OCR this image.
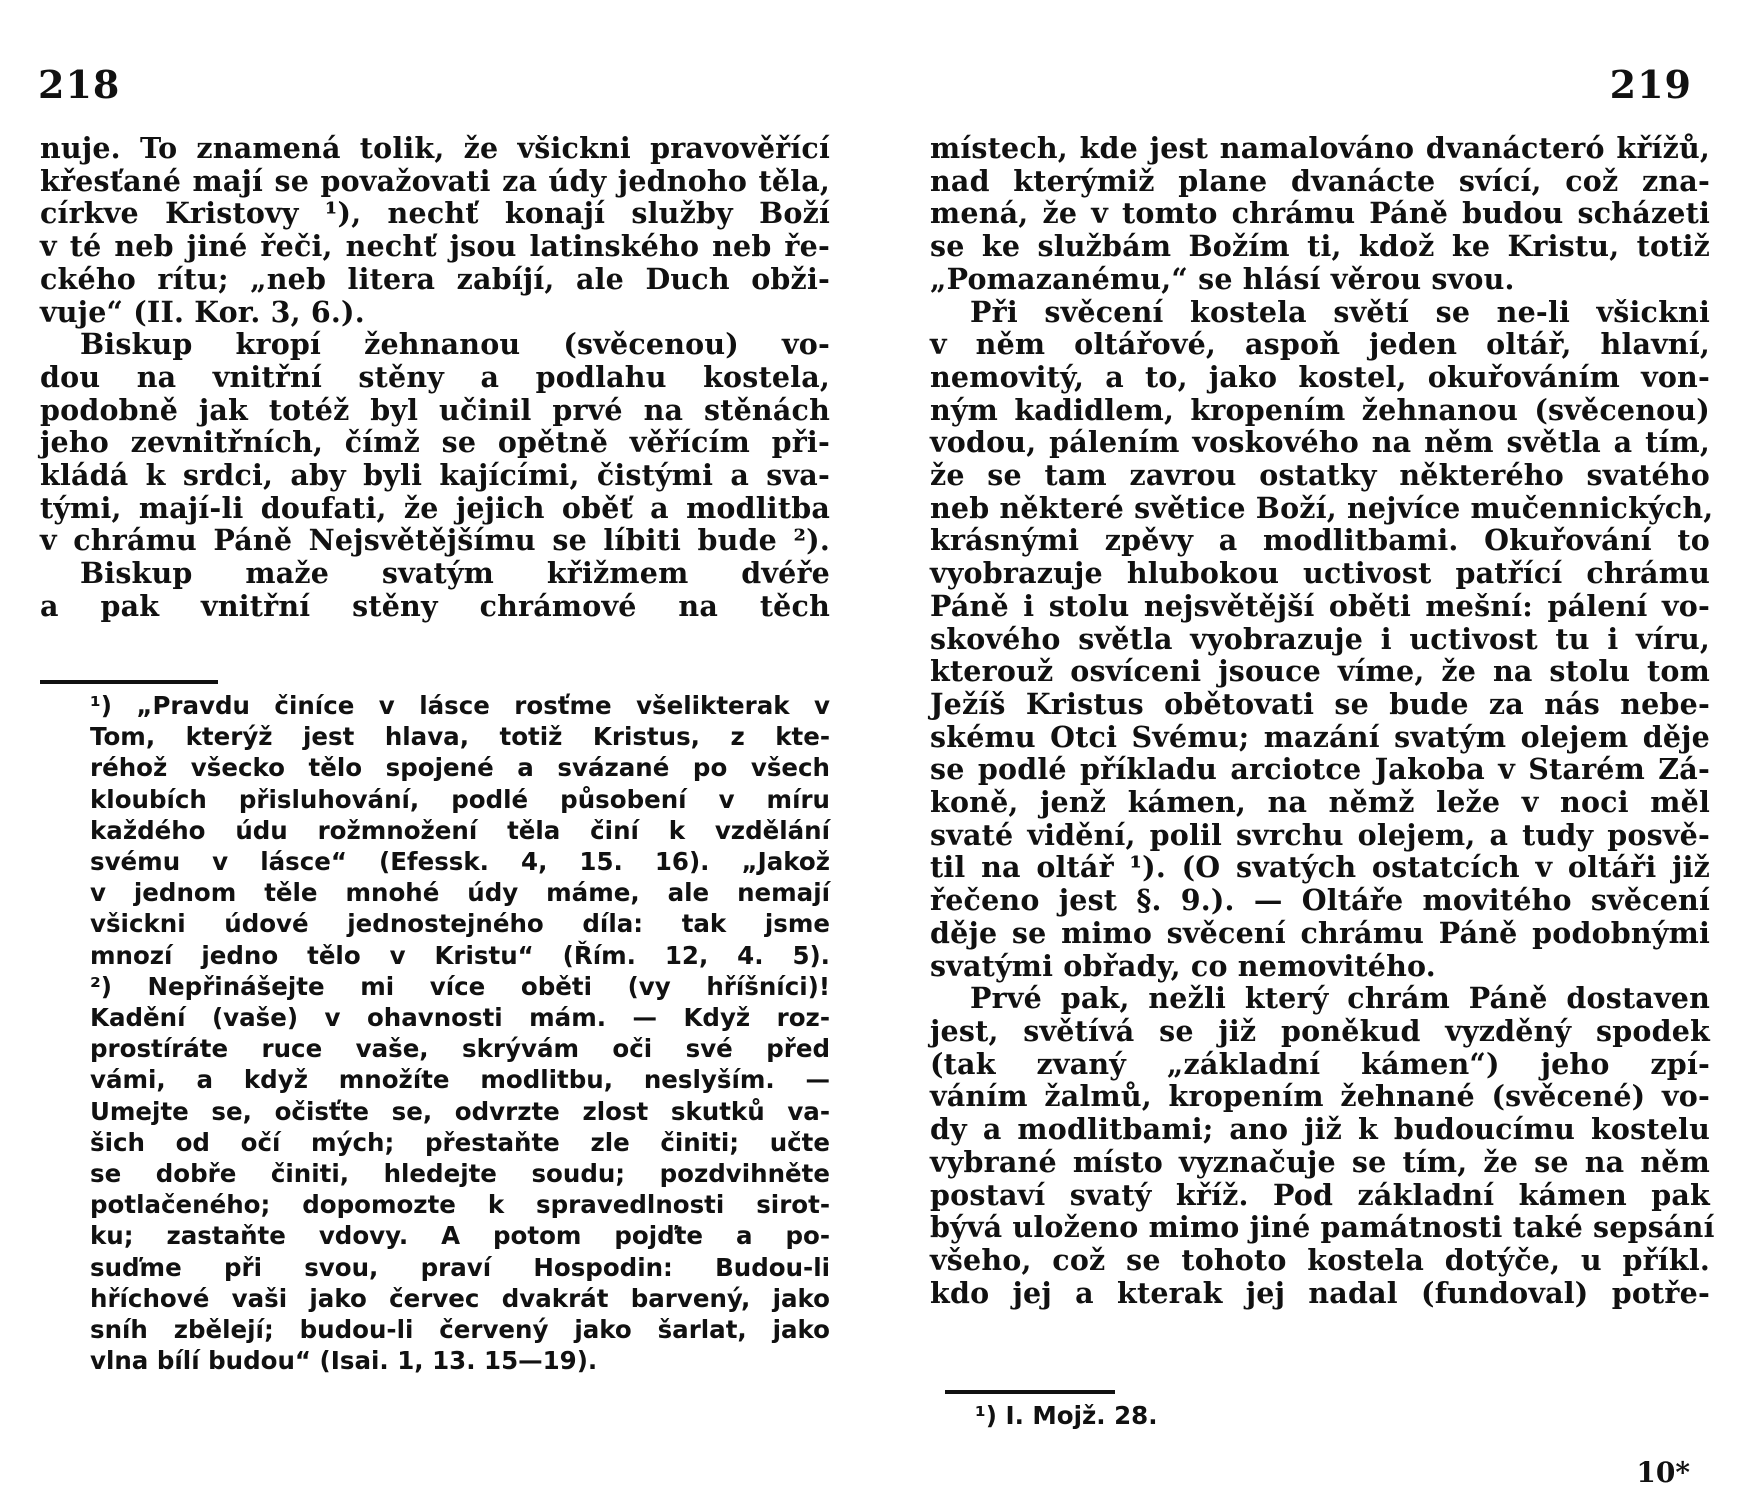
218
nuje. To znamená tolik, že všickni pravověřící
křesťané mají se považovati za údy jednoho těla,
církve Kristovy ¹), nechť konají služby Boží
v té neb jiné řeči, nechť jsou latinského neb ře-
ckého rítu; „neb litera zabíjí, ale Duch obži-
vuje“ (II. Kor. 3, 6.).
Biskup kropí žehnanou (svěcenou) vo-
dou na vnitřní stěny a podlahu kostela,
podobně jak totéž byl učinil prvé na stěnách
jeho zevnitřních, čímž se opětně věřícím při-
kládá k srdci, aby byli kajícími, čistými a sva-
tými, mají-li doufati, že jejich oběť a modlitba
v chrámu Páně Nejsvětějšímu se líbiti bude ²).
Biskup maže svatým křižmem dvéře
a pak vnitřní stěny chrámové na těch
¹) „Pravdu činíce v lásce rosťme všelikterak v
Tom, kterýž jest hlava, totiž Kristus, z kte-
réhož všecko tělo spojené a svázané po všech
kloubích přisluhování, podlé působení v míru
každého údu rožmnožení těla činí k vzdělání
svému v lásce“ (Efessk. 4, 15. 16). „Jakož
v jednom těle mnohé údy máme, ale nemají
všickni údové jednostejného díla: tak jsme
mnozí jedno tělo v Kristu“ (Řím. 12, 4. 5).
²) Nepřinášejte mi více oběti (vy hříšníci)!
Kadění (vaše) v ohavnosti mám. — Když roz-
prostíráte ruce vaše, skrývám oči své před
vámi, a když množíte modlitbu, neslyším. —
Umejte se, očisťte se, odvrzte zlost skutků va-
šich od očí mých; přestaňte zle činiti; učte
se dobře činiti, hledejte soudu; pozdvihněte
potlačeného; dopomozte k spravedlnosti sirot-
ku; zastaňte vdovy. A potom pojďte a po-
suďme při svou, praví Hospodin: Budou-li
hříchové vaši jako červec dvakrát barvený, jako
sníh zbělejí; budou-li červený jako šarlat, jako
vlna bílí budou“ (Isai. 1, 13. 15—19).
219
místech, kde jest namalováno dvanácteró křížů,
nad kterýmiž plane dvanácte svící, což zna-
mená, že v tomto chrámu Páně budou scházeti
se ke službám Božím ti, kdož ke Kristu, totiž
„Pomazanému,“ se hlásí věrou svou.
Při svěcení kostela světí se ne-li všickni
v něm oltářové, aspoň jeden oltář, hlavní,
nemovitý, a to, jako kostel, okuřováním von-
ným kadidlem, kropením žehnanou (svěcenou)
vodou, pálením voskového na něm světla a tím,
že se tam zavrou ostatky některého svatého
neb některé světice Boží, nejvíce mučennických,
krásnými zpěvy a modlitbami. Okuřování to
vyobrazuje hlubokou uctivost patřící chrámu
Páně i stolu nejsvětější oběti mešní: pálení vo-
skového světla vyobrazuje i uctivost tu i víru,
kterouž osvíceni jsouce víme, že na stolu tom
Ježíš Kristus obětovati se bude za nás nebe-
skému Otci Svému; mazání svatým olejem děje
se podlé příkladu arciotce Jakoba v Starém Zá-
koně, jenž kámen, na němž leže v noci měl
svaté vidění, polil svrchu olejem, a tudy posvě-
til na oltář ¹). (O svatých ostatcích v oltáři již
řečeno jest §. 9.). — Oltáře movitého svěcení
děje se mimo svěcení chrámu Páně podobnými
svatými obřady, co nemovitého.
Prvé pak, nežli který chrám Páně dostaven
jest, světívá se již poněkud vyzděný spodek
(tak zvaný „základní kámen“) jeho zpí-
váním žalmů, kropením žehnané (svěcené) vo-
dy a modlitbami; ano již k budoucímu kostelu
vybrané místo vyznačuje se tím, že se na něm
postaví svatý kříž. Pod základní kámen pak
bývá uloženo mimo jiné památnosti také sepsání
všeho, což se tohoto kostela dotýče, u příkl.
kdo jej a kterak jej nadal (fundoval) potře-
¹) I. Mojž. 28.
10*
